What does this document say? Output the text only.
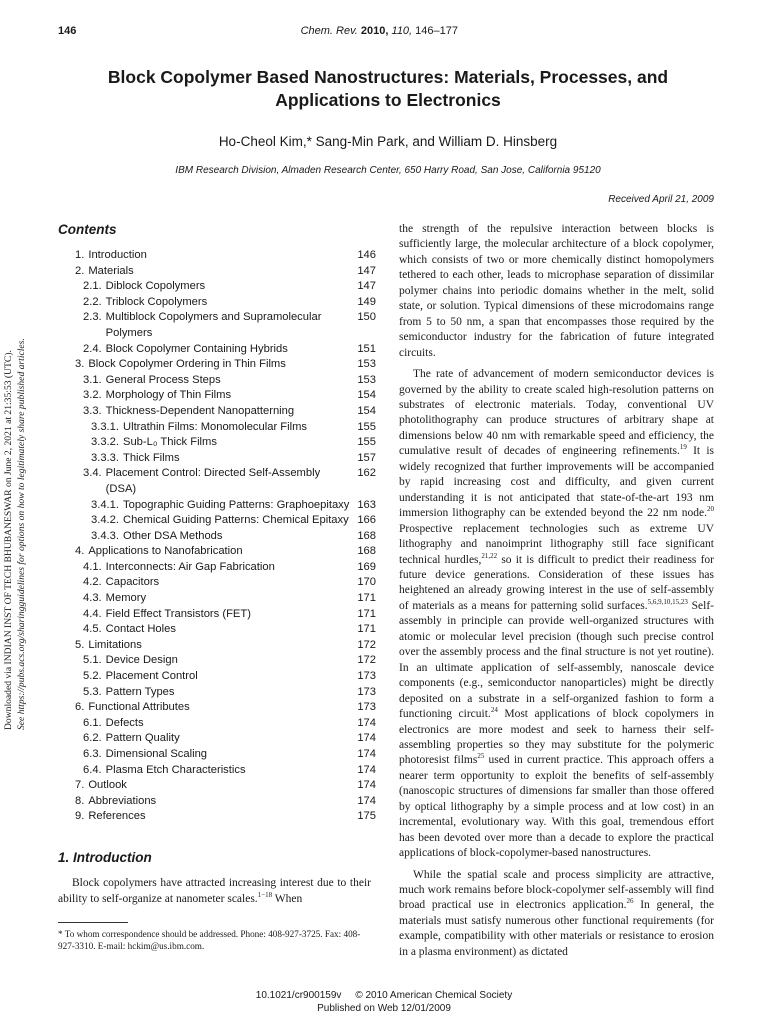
146	Chem. Rev. 2010, 110, 146–177
Block Copolymer Based Nanostructures: Materials, Processes, and Applications to Electronics
Ho-Cheol Kim,* Sang-Min Park, and William D. Hinsberg
IBM Research Division, Almaden Research Center, 650 Harry Road, San Jose, California 95120
Received April 21, 2009
Downloaded via INDIAN INST OF TECH BHUBANESWAR on June 2, 2021 at 21:35:53 (UTC). See https://pubs.acs.org/sharingguidelines for options on how to legitimately share published articles.
Contents
1. Introduction	146
2. Materials	147
2.1. Diblock Copolymers	147
2.2. Triblock Copolymers	149
2.3. Multiblock Copolymers and Supramolecular Polymers
150
2.4. Block Copolymer Containing Hybrids	151
3. Block Copolymer Ordering in Thin Films	153
3.1. General Process Steps	153
3.2. Morphology of Thin Films	154
3.3. Thickness-Dependent Nanopatterning	154
3.3.1. Ultrathin Films: Monomolecular Films	155
3.3.2. Sub-L₀ Thick Films	155
3.3.3. Thick Films	157
3.4. Placement Control: Directed Self-Assembly (DSA)
162
3.4.1. Topographic Guiding Patterns: Graphoepitaxy 163
3.4.2. Chemical Guiding Patterns: Chemical Epitaxy 166
3.4.3. Other DSA Methods	168
4. Applications to Nanofabrication	168
4.1. Interconnects: Air Gap Fabrication	169
4.2. Capacitors	170
4.3. Memory	171
4.4. Field Effect Transistors (FET)	171
4.5. Contact Holes	171
5. Limitations	172
5.1. Device Design	172
5.2. Placement Control	173
5.3. Pattern Types	173
6. Functional Attributes	173
6.1. Defects	174
6.2. Pattern Quality	174
6.3. Dimensional Scaling	174
6.4. Plasma Etch Characteristics	174
7. Outlook	174
8. Abbreviations	174
9. References	175
1. Introduction

Block copolymers have attracted increasing interest due to their ability to self-organize at nanometer scales.$^{1-18}$ When

* To whom correspondence should be addressed. Phone: 408-927-3725. Fax: 408-927-3310. E-mail: hckim@us.ibm.com.

the strength of the repulsive interaction between blocks is sufficiently large, the molecular architecture of a block copolymer, which consists of two or more chemically distinct homopolymers tethered to each other, leads to microphase separation of dissimilar polymer chains into periodic domains whether in the melt, solid state, or solution. Typical dimensions of these microdomains range from 5 to 50 nm, a span that encompasses those required by the semiconductor industry for the fabrication of future integrated circuits.

The rate of advancement of modern semiconductor devices is governed by the ability to create scaled high-resolution patterns on substrates of electronic materials. Today, conventional UV photolithography can produce structures of arbitrary shape at dimensions below 40 nm with remarkable speed and efficiency, the cumulative result of decades of engineering refinements.$^{19}$ It is widely recognized that further improvements will be accompanied by rapid increasing cost and difficulty, and given current understanding it is not anticipated that state-of-the-art 193 nm immersion lithography can be extended beyond the 22 nm node.$^{20}$ Prospective replacement technologies such as extreme UV lithography and nanoimprint lithography still face significant technical hurdles,$^{21,22}$ so it is difficult to predict their readiness for future device generations. Consideration of these issues has heightened an already growing interest in the use of self-assembly of materials as a means for patterning solid surfaces.$^{5,6,9,10,15,23}$ Self-assembly in principle can provide well-organized structures with atomic or molecular level precision (though such precise control over the assembly process and the final structure is not yet routine). In an ultimate application of self-assembly, nanoscale device components (e.g., semiconductor nanoparticles) might be directly deposited on a substrate in a self-organized fashion to form a functioning circuit.$^{24}$ Most applications of block copolymers in electronics are more modest and seek to harness their self-assembling properties so they may substitute for the polymeric photoresist films$^{25}$ used in current practice. This approach offers a nearer term opportunity to exploit the benefits of self-assembly (nanoscopic structures of dimensions far smaller than those offered by optical lithography by a simple process and at low cost) in an incremental, evolutionary way. With this goal, tremendous effort has been devoted over more than a decade to explore the practical applications of block-copolymer-based nanostructures.

While the spatial scale and process simplicity are attractive, much work remains before block-copolymer self-assembly will find broad practical use in electronics application.$^{26}$ In general, the materials must satisfy numerous other functional requirements (for example, compatibility with other materials or resistance to erosion in a plasma environment) as dictated

10.1021/cr900159v © 2010 American Chemical Society
Published on Web 12/01/2009
